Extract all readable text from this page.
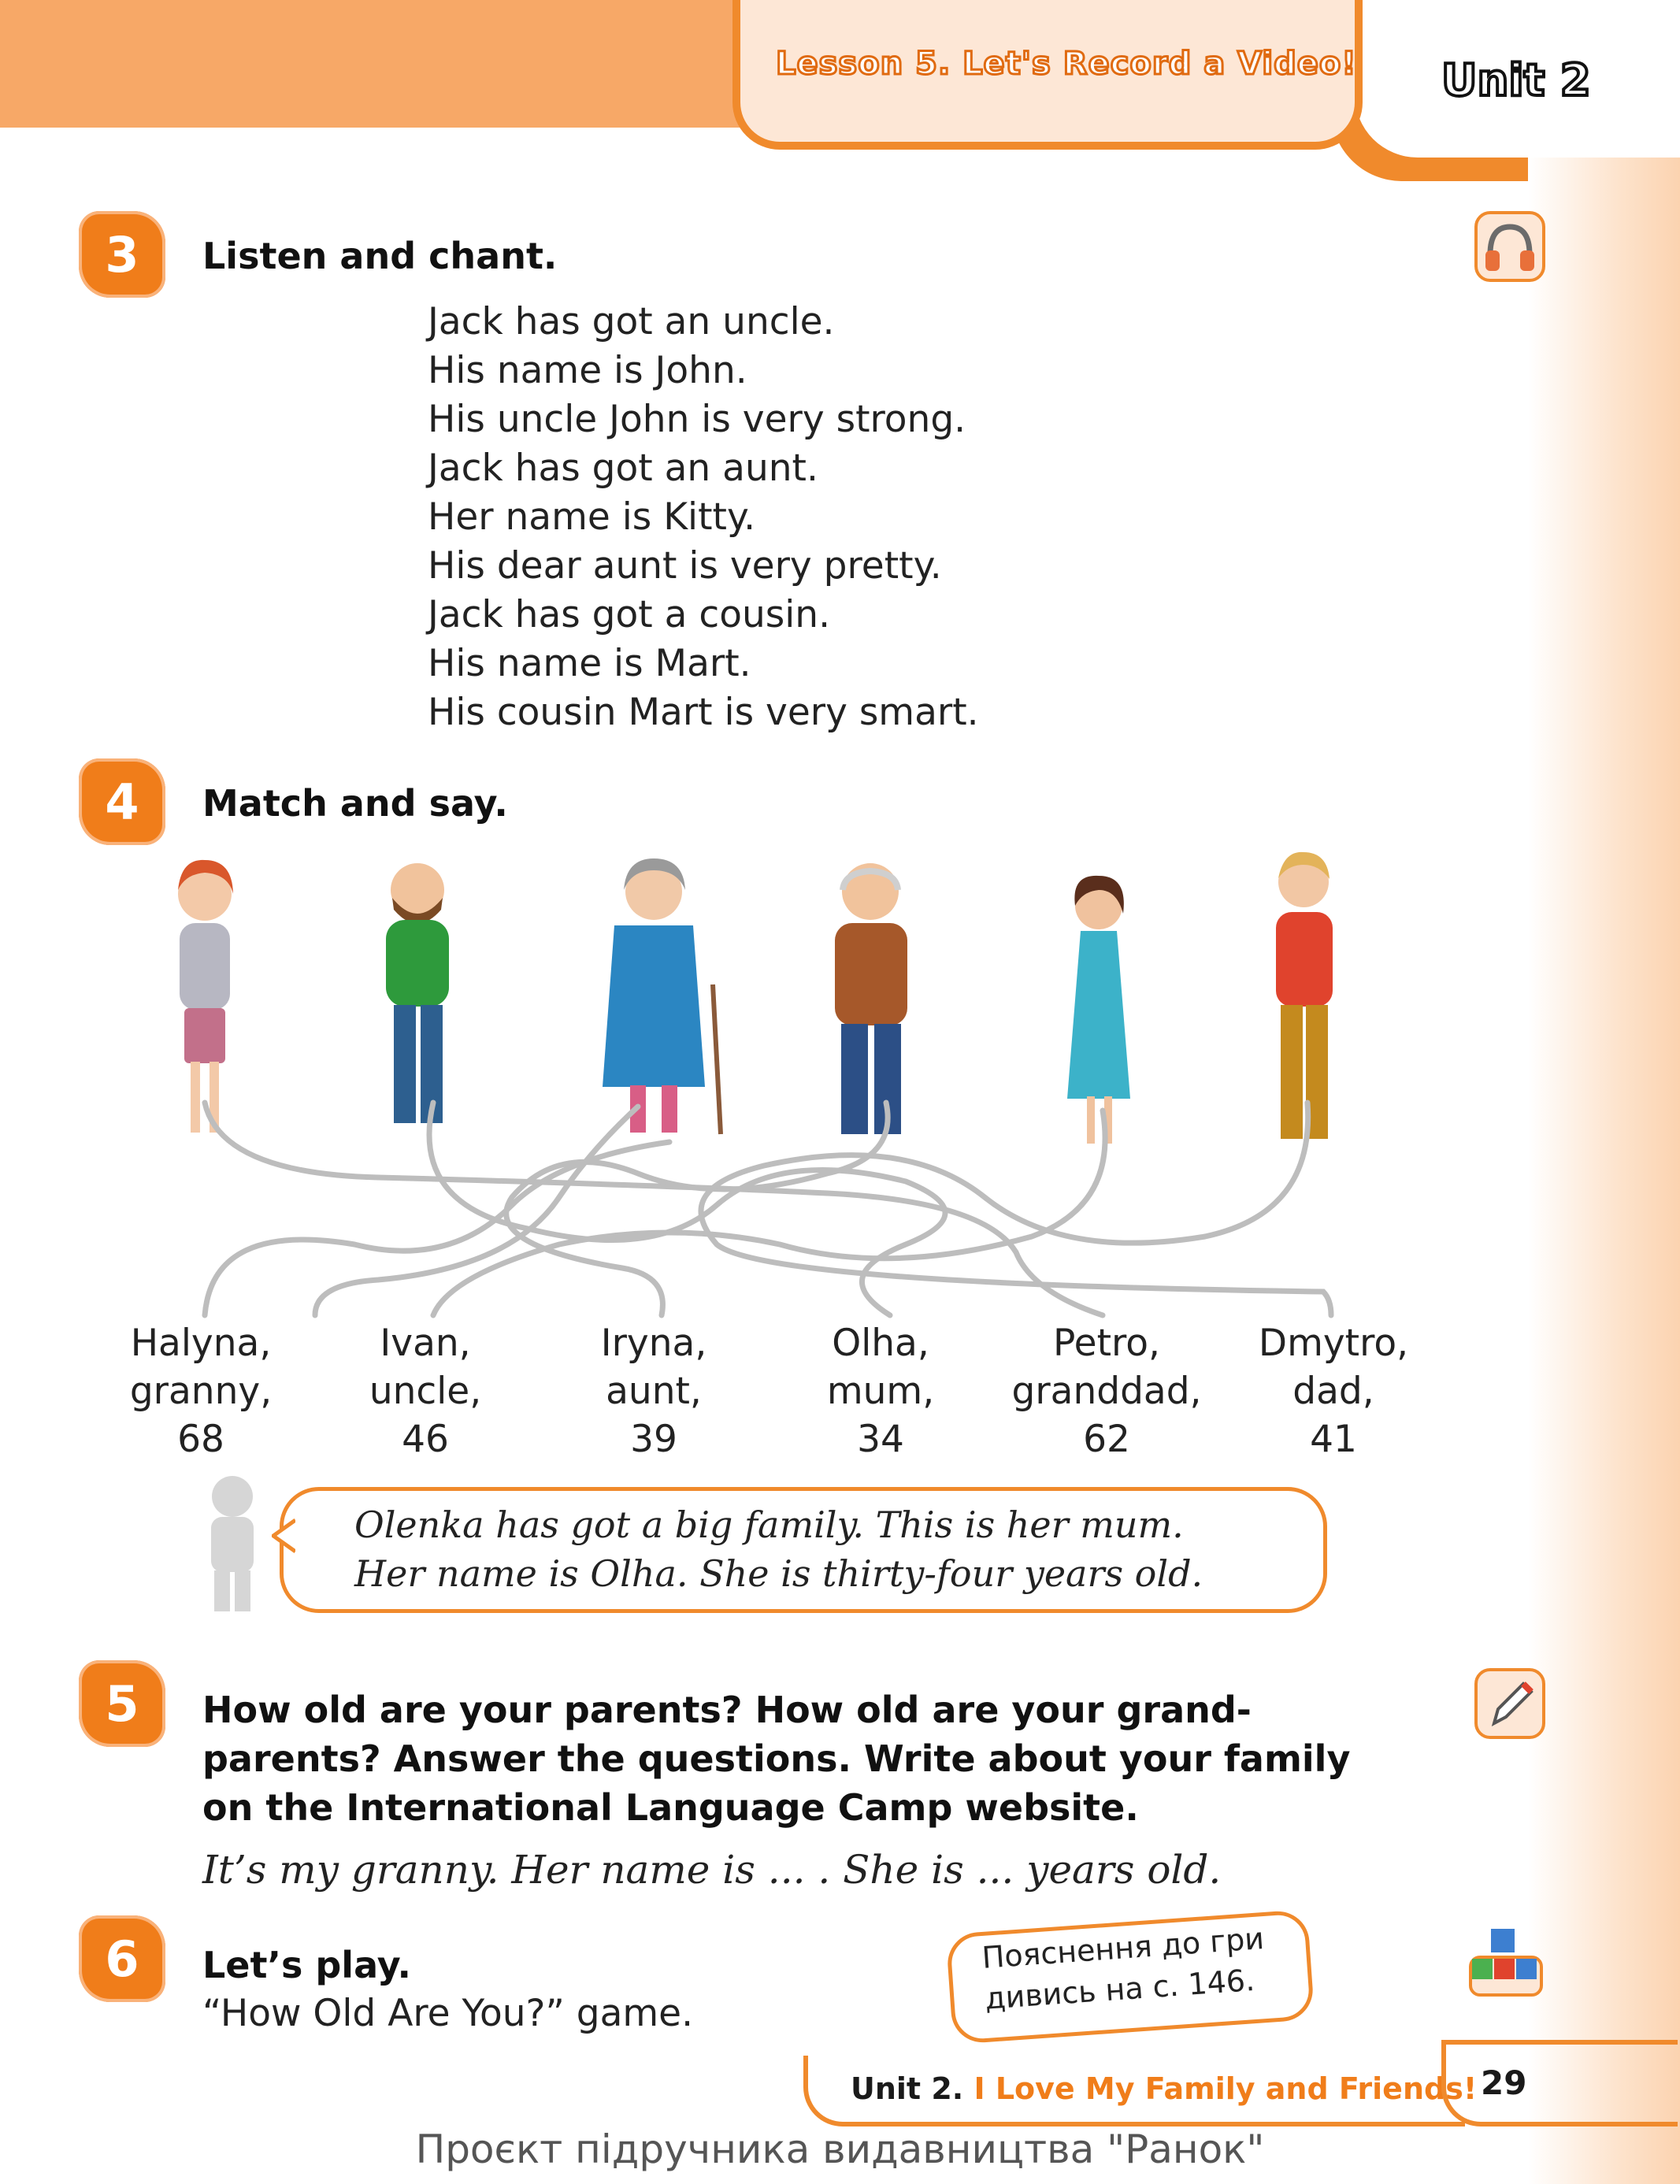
Lesson 5. Let's Record a Video! Unit 2
3	Listen and chant.
Jack has got an uncle.
His name is John.
His uncle John is very strong.
Jack has got an aunt.
Her name is Kitty.
His dear aunt is very pretty.
Jack has got a cousin.
His name is Mart.
His cousin Mart is very smart.
4	Match and say.
Halyna,
granny,
68
Ivan,
uncle,
46
Iryna,
aunt,
39
Olha,
mum,
34
Petro,
granddad,
62
Dmytro,
dad,
41
Olenka has got a big family. This is her mum.
Her name is Olha. She is thirty-four years old.
5	How old are your parents? How old are your grand-
parents? Answer the questions. Write about your family
on the International Language Camp website.
It’s my granny. Her name is ... . She is ... years old.
6	Let’s play.
“How Old Are You?” game.
Пояснення до гри
дивись на с. 146.
Unit 2. I Love My Family and Friends! 29
Проєкт підручника видавництва "Ранок"
